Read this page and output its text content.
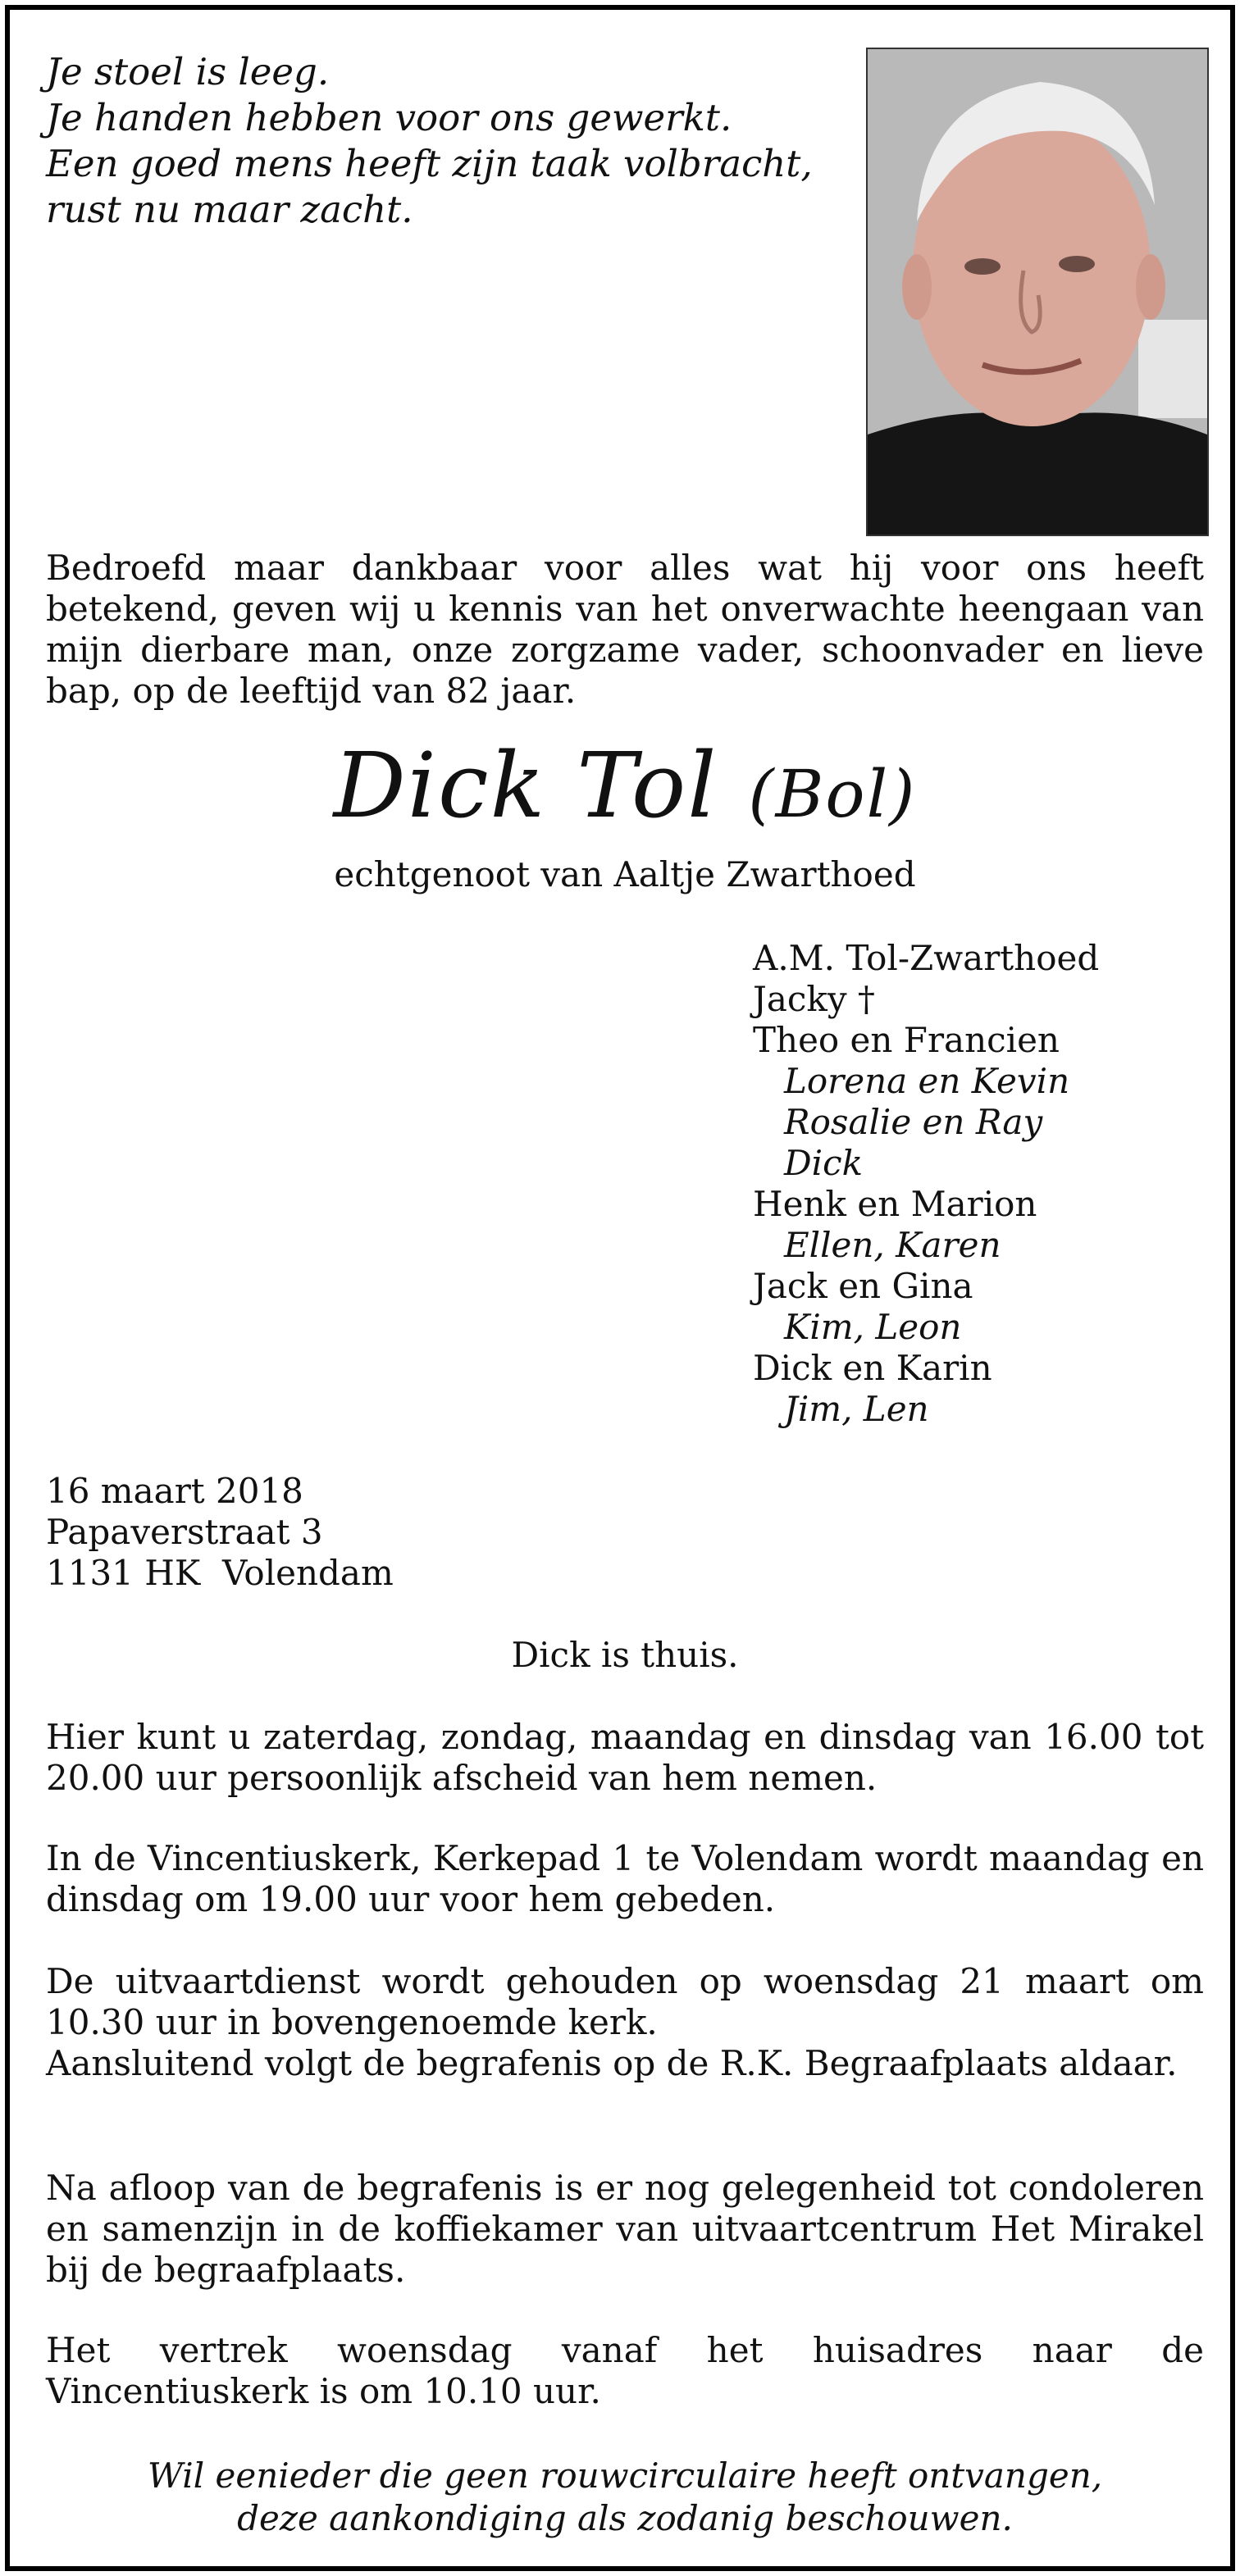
Je stoel is leeg.
Je handen hebben voor ons gewerkt.
Een goed mens heeft zijn taak volbracht,
rust nu maar zacht.
Bedroefd maar dankbaar voor alles wat hij voor ons heeft betekend, geven wij u kennis van het onverwachte heengaan van mijn dierbare man, onze zorgzame vader, schoonvader en lieve bap, op de leeftijd van 82 jaar.
Dick Tol (Bol)
echtgenoot van Aaltje Zwarthoed
A.M. Tol-Zwarthoed
Jacky †
Theo en Francien
Lorena en Kevin
Rosalie en Ray
Dick
Henk en Marion
Ellen, Karen
Jack en Gina
Kim, Leon
Dick en Karin
Jim, Len
16 maart 2018
Papaverstraat 3
1131 HK  Volendam
Dick is thuis.
Hier kunt u zaterdag, zondag, maandag en dinsdag van 16.00 tot 20.00 uur persoonlijk afscheid van hem nemen.
In de Vincentiuskerk, Kerkepad 1 te Volendam wordt maandag en dinsdag om 19.00 uur voor hem gebeden.
De uitvaartdienst wordt gehouden op woensdag 21 maart om 10.30 uur in bovengenoemde kerk.
Aansluitend volgt de begrafenis op de R.K. Begraafplaats aldaar.
Na afloop van de begrafenis is er nog gelegenheid tot condoleren en samenzijn in de koffiekamer van uitvaartcentrum Het Mirakel bij de begraafplaats.
Het vertrek woensdag vanaf het huisadres naar de Vincentiuskerk is om 10.10 uur.
Wil eenieder die geen rouwcirculaire heeft ontvangen,
deze aankondiging als zodanig beschouwen.
